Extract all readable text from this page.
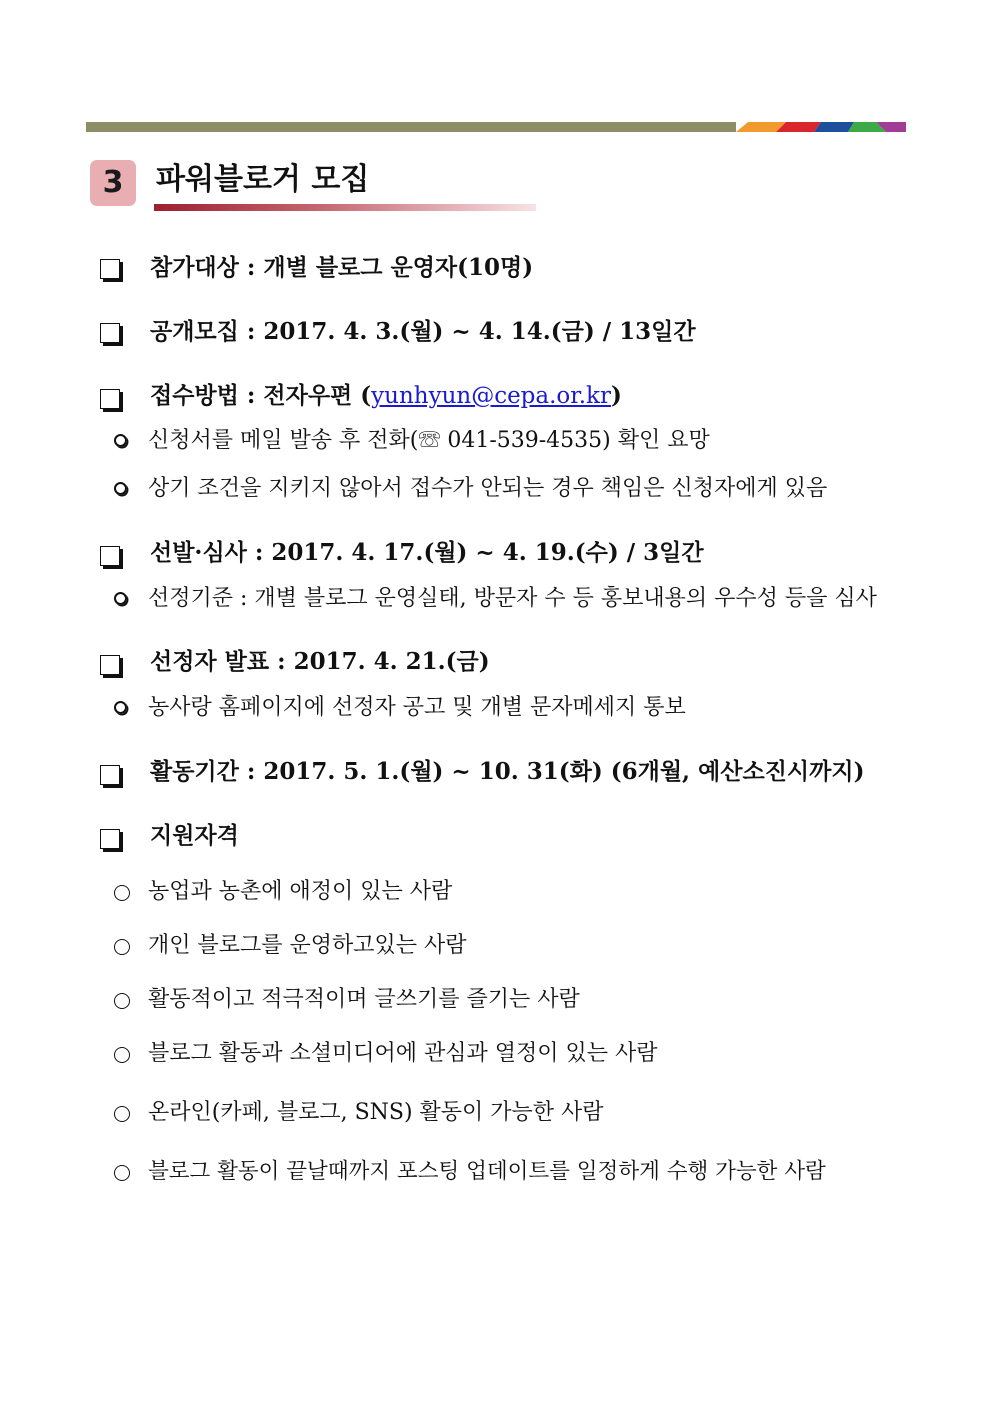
3	파워블로거 모집
참가대상 : 개별 블로그 운영자(10명)
공개모집 : 2017. 4. 3.(월) ~ 4. 14.(금) / 13일간
접수방법 : 전자우편 (yunhyun@cepa.or.kr)
신청서를 메일 발송 후 전화(☏ 041-539-4535) 확인 요망
상기 조건을 지키지 않아서 접수가 안되는 경우 책임은 신청자에게 있음
선발·심사 : 2017. 4. 17.(월) ~ 4. 19.(수) / 3일간
선정기준 : 개별 블로그 운영실태, 방문자 수 등 홍보내용의 우수성 등을 심사
선정자 발표 : 2017. 4. 21.(금)
농사랑 홈페이지에 선정자 공고 및 개별 문자메세지 통보
활동기간 : 2017. 5. 1.(월) ~ 10. 31(화) (6개월, 예산소진시까지)
지원자격
농업과 농촌에 애정이 있는 사람
개인 블로그를 운영하고있는 사람
활동적이고 적극적이며 글쓰기를 즐기는 사람
블로그 활동과 소셜미디어에 관심과 열정이 있는 사람
온라인(카페, 블로그, SNS) 활동이 가능한 사람
블로그 활동이 끝날때까지 포스팅 업데이트를 일정하게 수행 가능한 사람
